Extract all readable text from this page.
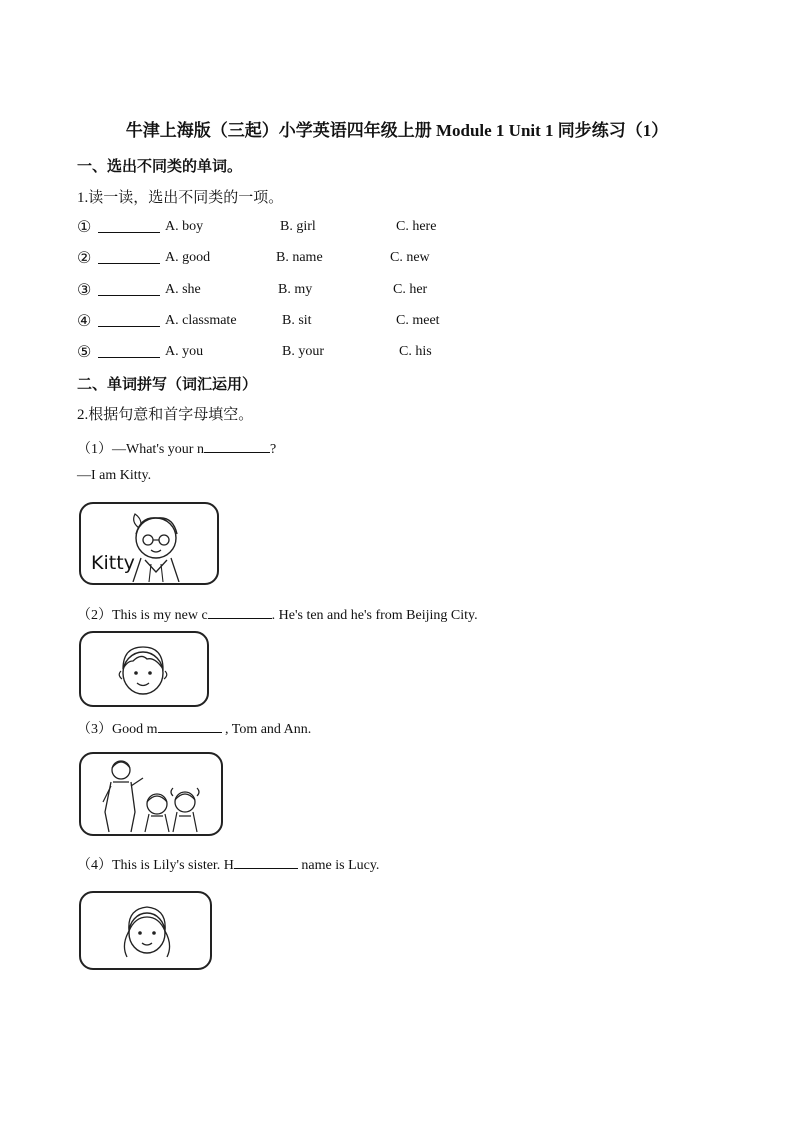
牛津上海版（三起）小学英语四年级上册 Module 1 Unit 1 同步练习（1）
一、选出不同类的单词。
1.读一读，选出不同类的一项。
①	A. boy	B. girl	C. here
②	A. good	B. name	C. new
③	A. she	B. my	C. her
④	A. classmate	B. sit	C. meet
⑤	A. you	B. your	C. his
二、单词拼写（词汇运用）
2.根据句意和首字母填空。
（1）—What's your n	?
—I am Kitty.
Kitty
（2）This is my new c	. He's ten and he's from Beijing City.
（3）Good m	, Tom and Ann.
（4）This is Lily's sister. H	name is Lucy.
